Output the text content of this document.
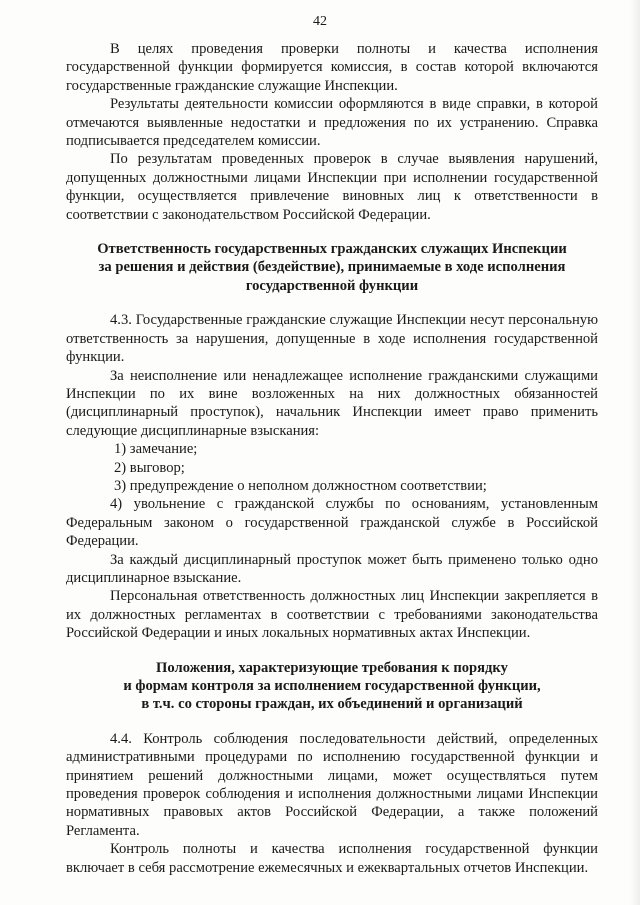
42

В целях проведения проверки полноты и качества исполнения государственной функции формируется комиссия, в состав которой включаются государственные гражданские служащие Инспекции.

Результаты деятельности комиссии оформляются в виде справки, в которой отмечаются выявленные недостатки и предложения по их устранению. Справка подписывается председателем комиссии.

По результатам проведенных проверок в случае выявления нарушений, допущенных должностными лицами Инспекции при исполнении государственной функции, осуществляется привлечение виновных лиц к ответственности в соответствии с законодательством Российской Федерации.

Ответственность государственных гражданских служащих Инспекции
за решения и действия (бездействие), принимаемые в ходе исполнения
государственной функции

4.3. Государственные гражданские служащие Инспекции несут персональную ответственность за нарушения, допущенные в ходе исполнения государственной функции.

За неисполнение или ненадлежащее исполнение гражданскими служащими Инспекции по их вине возложенных на них должностных обязанностей (дисциплинарный проступок), начальник Инспекции имеет право применить следующие дисциплинарные взыскания:

1) замечание;

2) выговор;

3) предупреждение о неполном должностном соответствии;

4) увольнение с гражданской службы по основаниям, установленным Федеральным законом о государственной гражданской службе в Российской Федерации.

За каждый дисциплинарный проступок может быть применено только одно дисциплинарное взыскание.

Персональная ответственность должностных лиц Инспекции закрепляется в их должностных регламентах в соответствии с требованиями законодательства Российской Федерации и иных локальных нормативных актах Инспекции.

Положения, характеризующие требования к порядку
и формам контроля за исполнением государственной функции,
в т.ч. со стороны граждан, их объединений и организаций

4.4. Контроль соблюдения последовательности действий, определенных административными процедурами по исполнению государственной функции и принятием решений должностными лицами, может осуществляться путем проведения проверок соблюдения и исполнения должностными лицами Инспекции нормативных правовых актов Российской Федерации, а также положений Регламента.

Контроль полноты и качества исполнения государственной функции включает в себя рассмотрение ежемесячных и ежеквартальных отчетов Инспекции.
